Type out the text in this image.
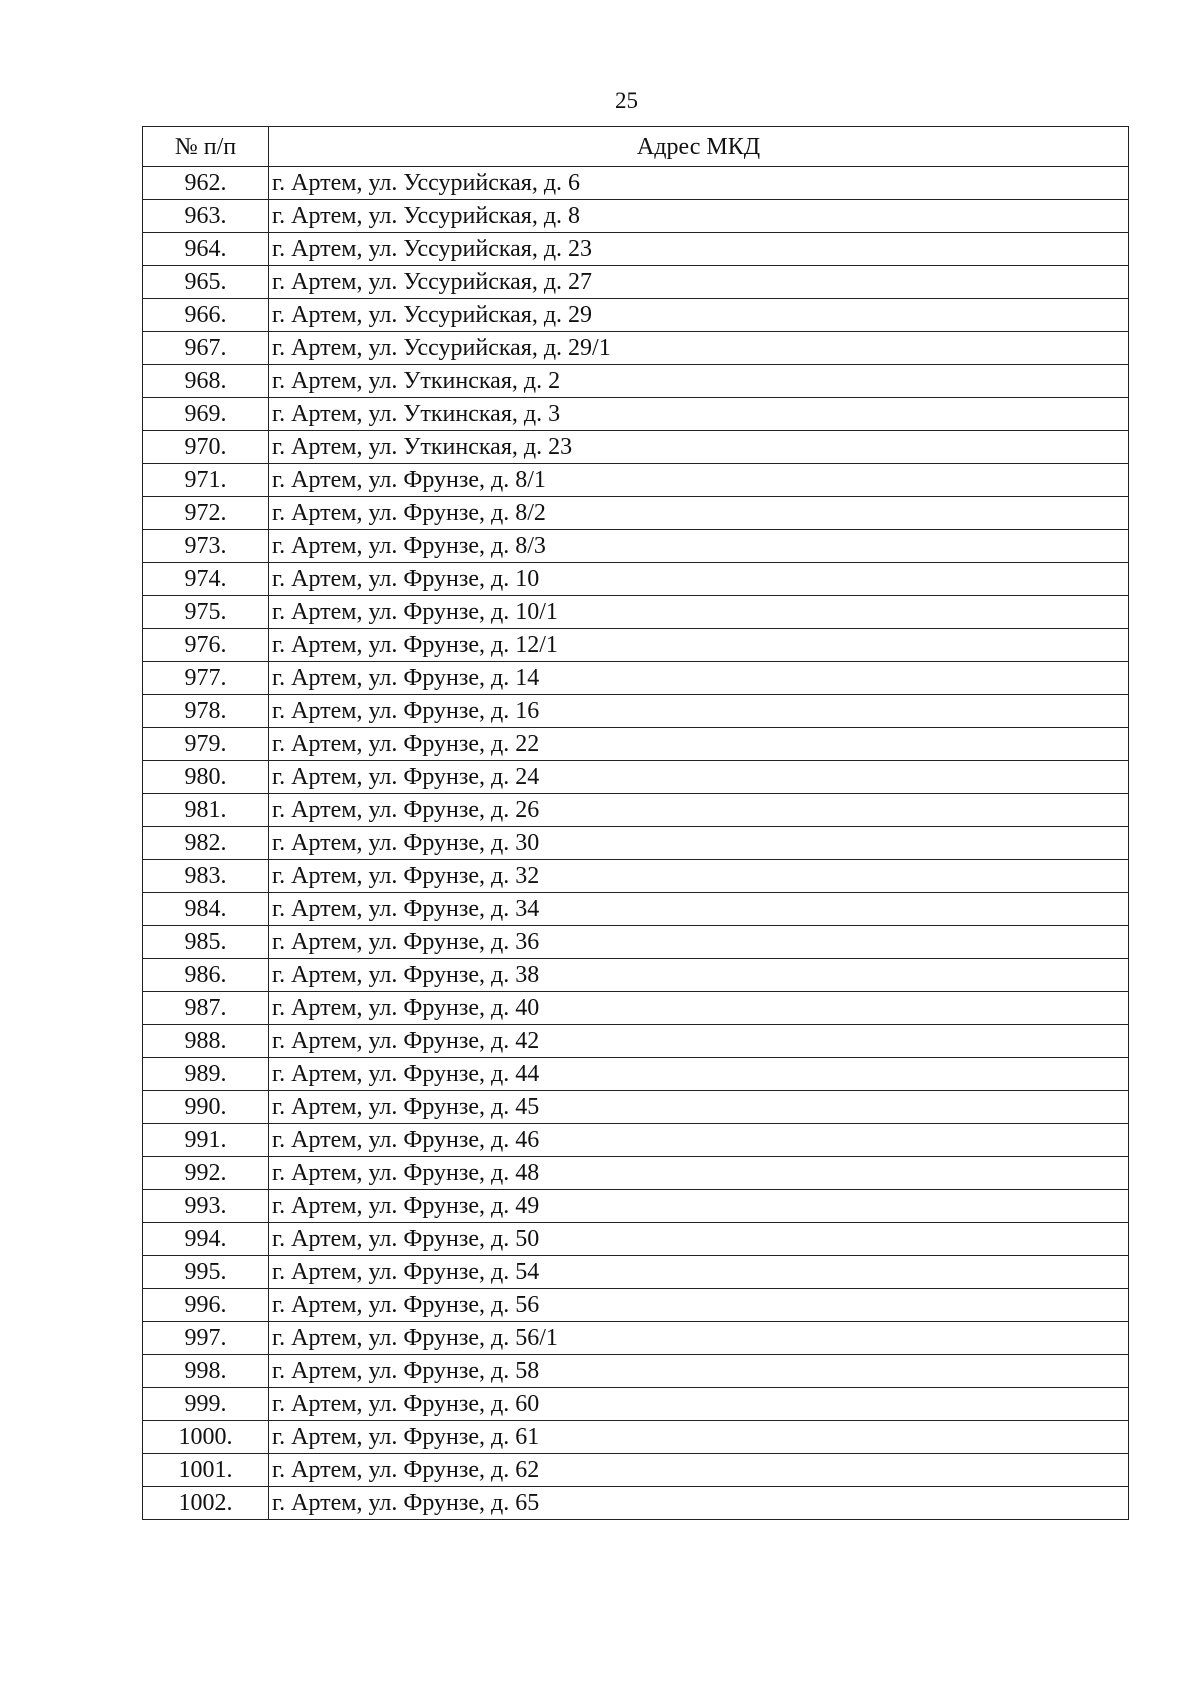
25
№ п/п	Адрес МКД
962.	г. Артем, ул. Уссурийская, д. 6
963.	г. Артем, ул. Уссурийская, д. 8
964.	г. Артем, ул. Уссурийская, д. 23
965.	г. Артем, ул. Уссурийская, д. 27
966.	г. Артем, ул. Уссурийская, д. 29
967.	г. Артем, ул. Уссурийская, д. 29/1
968.	г. Артем, ул. Уткинская, д. 2
969.	г. Артем, ул. Уткинская, д. 3
970.	г. Артем, ул. Уткинская, д. 23
971.	г. Артем, ул. Фрунзе, д. 8/1
972.	г. Артем, ул. Фрунзе, д. 8/2
973.	г. Артем, ул. Фрунзе, д. 8/3
974.	г. Артем, ул. Фрунзе, д. 10
975.	г. Артем, ул. Фрунзе, д. 10/1
976.	г. Артем, ул. Фрунзе, д. 12/1
977.	г. Артем, ул. Фрунзе, д. 14
978.	г. Артем, ул. Фрунзе, д. 16
979.	г. Артем, ул. Фрунзе, д. 22
980.	г. Артем, ул. Фрунзе, д. 24
981.	г. Артем, ул. Фрунзе, д. 26
982.	г. Артем, ул. Фрунзе, д. 30
983.	г. Артем, ул. Фрунзе, д. 32
984.	г. Артем, ул. Фрунзе, д. 34
985.	г. Артем, ул. Фрунзе, д. 36
986.	г. Артем, ул. Фрунзе, д. 38
987.	г. Артем, ул. Фрунзе, д. 40
988.	г. Артем, ул. Фрунзе, д. 42
989.	г. Артем, ул. Фрунзе, д. 44
990.	г. Артем, ул. Фрунзе, д. 45
991.	г. Артем, ул. Фрунзе, д. 46
992.	г. Артем, ул. Фрунзе, д. 48
993.	г. Артем, ул. Фрунзе, д. 49
994.	г. Артем, ул. Фрунзе, д. 50
995.	г. Артем, ул. Фрунзе, д. 54
996.	г. Артем, ул. Фрунзе, д. 56
997.	г. Артем, ул. Фрунзе, д. 56/1
998.	г. Артем, ул. Фрунзе, д. 58
999.	г. Артем, ул. Фрунзе, д. 60
1000.	г. Артем, ул. Фрунзе, д. 61
1001.	г. Артем, ул. Фрунзе, д. 62
1002.	г. Артем, ул. Фрунзе, д. 65
